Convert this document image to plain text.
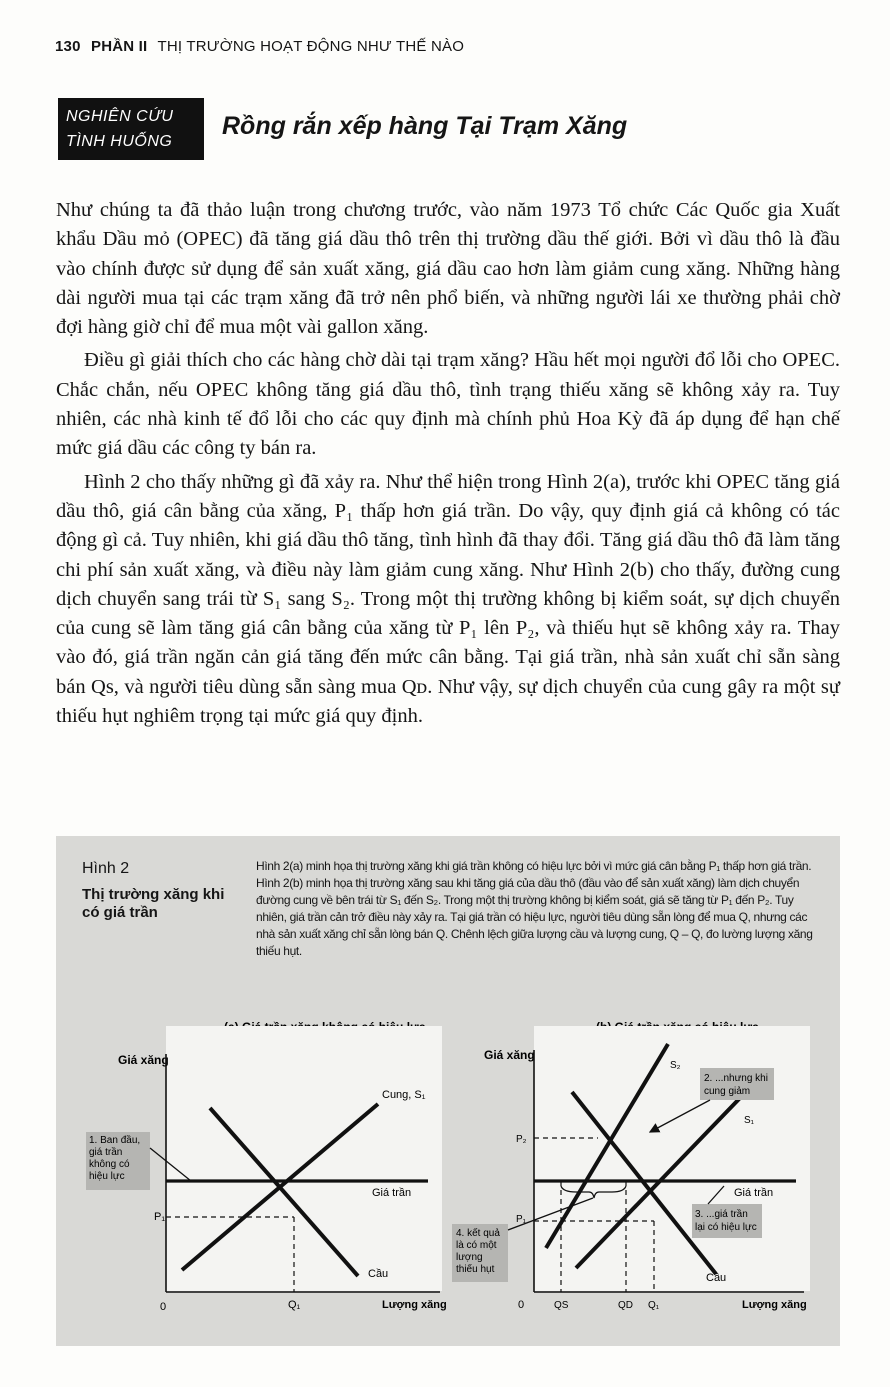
130 PHẦN II THỊ TRƯỜNG HOẠT ĐỘNG NHƯ THẾ NÀO
NGHIÊN CỨU
TÌNH HUỐNG
Rồng rắn xếp hàng Tại Trạm Xăng

Như chúng ta đã thảo luận trong chương trước, vào năm 1973 Tổ chức Các Quốc gia Xuất khẩu Dầu mỏ (OPEC) đã tăng giá dầu thô trên thị trường dầu thế giới. Bởi vì dầu thô là đầu vào chính được sử dụng để sản xuất xăng, giá dầu cao hơn làm giảm cung xăng. Những hàng dài người mua tại các trạm xăng đã trở nên phổ biến, và những người lái xe thường phải chờ đợi hàng giờ chỉ để mua một vài gallon xăng.

Điều gì giải thích cho các hàng chờ dài tại trạm xăng? Hầu hết mọi người đổ lỗi cho OPEC. Chắc chắn, nếu OPEC không tăng giá dầu thô, tình trạng thiếu xăng sẽ không xảy ra. Tuy nhiên, các nhà kinh tế đổ lỗi cho các quy định mà chính phủ Hoa Kỳ đã áp dụng để hạn chế mức giá dầu các công ty bán ra.

Hình 2 cho thấy những gì đã xảy ra. Như thể hiện trong Hình 2(a), trước khi OPEC tăng giá dầu thô, giá cân bằng của xăng, P₁ thấp hơn giá trần. Do vậy, quy định giá cả không có tác động gì cả. Tuy nhiên, khi giá dầu thô tăng, tình hình đã thay đổi. Tăng giá dầu thô đã làm tăng chi phí sản xuất xăng, và điều này làm giảm cung xăng. Như Hình 2(b) cho thấy, đường cung dịch chuyển sang trái từ S₁ sang S₂. Trong một thị trường không bị kiểm soát, sự dịch chuyển của cung sẽ làm tăng giá cân bằng của xăng từ P₁ lên P₂, và thiếu hụt sẽ không xảy ra. Thay vào đó, giá trần ngăn cản giá tăng đến mức cân bằng. Tại giá trần, nhà sản xuất chỉ sẵn sàng bán Qs, và người tiêu dùng sẵn sàng mua Qᴅ. Như vậy, sự dịch chuyển của cung gây ra một sự thiếu hụt nghiêm trọng tại mức giá quy định.

Hình 2
Thị trường xăng khi có giá trần
Hình 2(a) minh họa thị trường xăng khi giá trần không có hiệu lực bởi vì mức giá cân bằng P₁ thấp hơn giá trần. Hình 2(b) minh họa thị trường xăng sau khi tăng giá của dầu thô (đầu vào để sản xuất xăng) làm dịch chuyển đường cung về bên trái từ S₁ đến S₂. Trong một thị trường không bị kiểm soát, giá sẽ tăng từ P₁ đến P₂. Tuy nhiên, giá trần cản trở điều này xảy ra. Tại giá trần có hiệu lực, người tiêu dùng sẵn lòng để mua Q, nhưng các nhà sản xuất xăng chỉ sẵn lòng bán Q. Chênh lệch giữa lượng cầu và lượng cung, Q – Q, đo lường lượng xăng thiếu hụt.
Giá xăng
0	Lượng xăng
Cung, S₁
Cầu
Giá trần
P₁
Q₁
1. Ban đầu, giá trần không có hiệu lực
Giá xăng
0	Lượng xăng
S₂
S₁
Cầu
Giá trần
P₂
P₁
QS	QD Q₁
2. ...nhưng khi cung giảm
3. ...giá trần lại có hiệu lực
4. kết quả là có một lượng thiếu hụt
